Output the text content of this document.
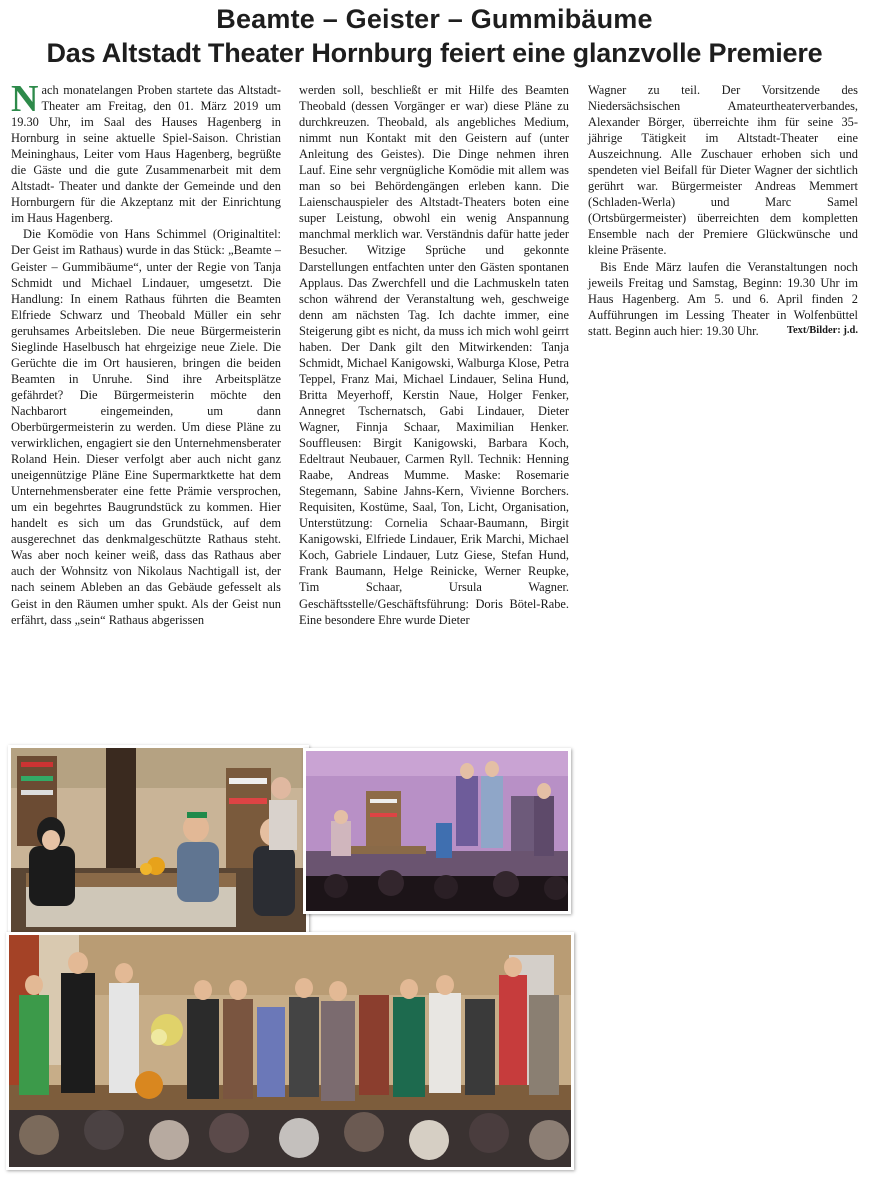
Beamte – Geister – Gummibäume
Das Altstadt Theater Hornburg feiert eine glanzvolle Premiere

Nach monatelangen Proben startete das Altstadt-Theater am Freitag, den 01. März 2019 um 19.30 Uhr, im Saal des Hauses Hagenberg in Hornburg in seine aktuelle Spiel-Saison. Christian Meininghaus, Leiter vom Haus Hagenberg, begrüßte die Gäste und die gute Zusammenarbeit mit dem Altstadt- Theater und dankte der Gemeinde und den Hornburgern für die Akzeptanz mit der Einrichtung im Haus Hagenberg.

Die Komödie von Hans Schimmel (Originaltitel: Der Geist im Rathaus) wurde in das Stück: „Beamte – Geister – Gummibäume“, unter der Regie von Tanja Schmidt und Michael Lindauer, umgesetzt. Die Handlung: In einem Rathaus führten die Beamten Elfriede Schwarz und Theobald Müller ein sehr geruhsames Arbeitsleben. Die neue Bürgermeisterin Sieglinde Haselbusch hat ehrgeizige neue Ziele. Die Gerüchte die im Ort hausieren, bringen die beiden Beamten in Unruhe. Sind ihre Arbeitsplätze gefährdet? Die Bürgermeisterin möchte den Nachbarort eingemeinden, um dann Oberbürgermeisterin zu werden. Um diese Pläne zu verwirklichen, engagiert sie den Unternehmensberater Roland Hein. Dieser verfolgt aber auch nicht ganz uneigennützige Pläne Eine Supermarktkette hat dem Unternehmensberater eine fette Prämie versprochen, um ein begehrtes Baugrundstück zu kommen. Hier handelt es sich um das Grundstück, auf dem ausgerechnet das denkmalgeschützte Rathaus steht. Was aber noch keiner weiß, dass das Rathaus aber auch der Wohnsitz von Nikolaus Nachtigall ist, der nach seinem Ableben an das Gebäude gefesselt als Geist in den Räumen umher spukt. Als der Geist nun erfährt, dass „sein“ Rathaus abgerissen

werden soll, beschließt er mit Hilfe des Beamten Theobald (dessen Vorgänger er war) diese Pläne zu durchkreuzen. Theobald, als angebliches Medium, nimmt nun Kontakt mit den Geistern auf (unter Anleitung des Geistes). Die Dinge nehmen ihren Lauf. Eine sehr vergnügliche Komödie mit allem was man so bei Behördengängen erleben kann. Die Laienschauspieler des Altstadt-Theaters boten eine super Leistung, obwohl ein wenig Anspannung manchmal merklich war. Verständnis dafür hatte jeder Besucher. Witzige Sprüche und gekonnte Darstellungen entfachten unter den Gästen spontanen Applaus. Das Zwerchfell und die Lachmuskeln taten schon während der Veranstaltung weh, geschweige denn am nächsten Tag. Ich dachte immer, eine Steigerung gibt es nicht, da muss ich mich wohl geirrt haben. Der Dank gilt den Mitwirkenden: Tanja Schmidt, Michael Kanigowski, Walburga Klose, Petra Teppel, Franz Mai, Michael Lindauer, Selina Hund, Britta Meyerhoff, Kerstin Naue, Holger Fenker, Annegret Tschernatsch, Gabi Lindauer, Dieter Wagner, Finnja Schaar, Maximilian Henker. Souffleusen: Birgit Kanigowski, Barbara Koch, Edeltraut Neubauer, Carmen Ryll. Technik: Henning Raabe, Andreas Mumme. Maske: Rosemarie Stegemann, Sabine Jahns-Kern, Vivienne Borchers. Requisiten, Kostüme, Saal, Ton, Licht, Organisation, Unterstützung: Cornelia Schaar-Baumann, Birgit Kanigowski, Elfriede Lindauer, Erik Marchi, Michael Koch, Gabriele Lindauer, Lutz Giese, Stefan Hund, Frank Baumann, Helge Reinicke, Werner Reupke, Tim Schaar, Ursula Wagner. Geschäftsstelle/Geschäftsführung: Doris Bötel-Rabe. Eine besondere Ehre wurde Dieter

Wagner zu teil. Der Vorsitzende des Niedersächsischen Amateurtheaterverbandes, Alexander Börger, überreichte ihm für seine 35-jährige Tätigkeit im Altstadt-Theater eine Auszeichnung. Alle Zuschauer erhoben sich und spendeten viel Beifall für Dieter Wagner der sichtlich gerührt war. Bürgermeister Andreas Memmert (Schladen-Werla) und Marc Samel (Ortsbürgermeister) überreichten dem kompletten Ensemble nach der Premiere Glückwünsche und kleine Präsente.

Bis Ende März laufen die Veranstaltungen noch jeweils Freitag und Samstag, Beginn: 19.30 Uhr im Haus Hagenberg. Am 5. und 6. April finden 2 Aufführungen im Lessing Theater in Wolfenbüttel statt. Beginn auch hier: 19.30 Uhr.	Text/Bilder: j.d.
